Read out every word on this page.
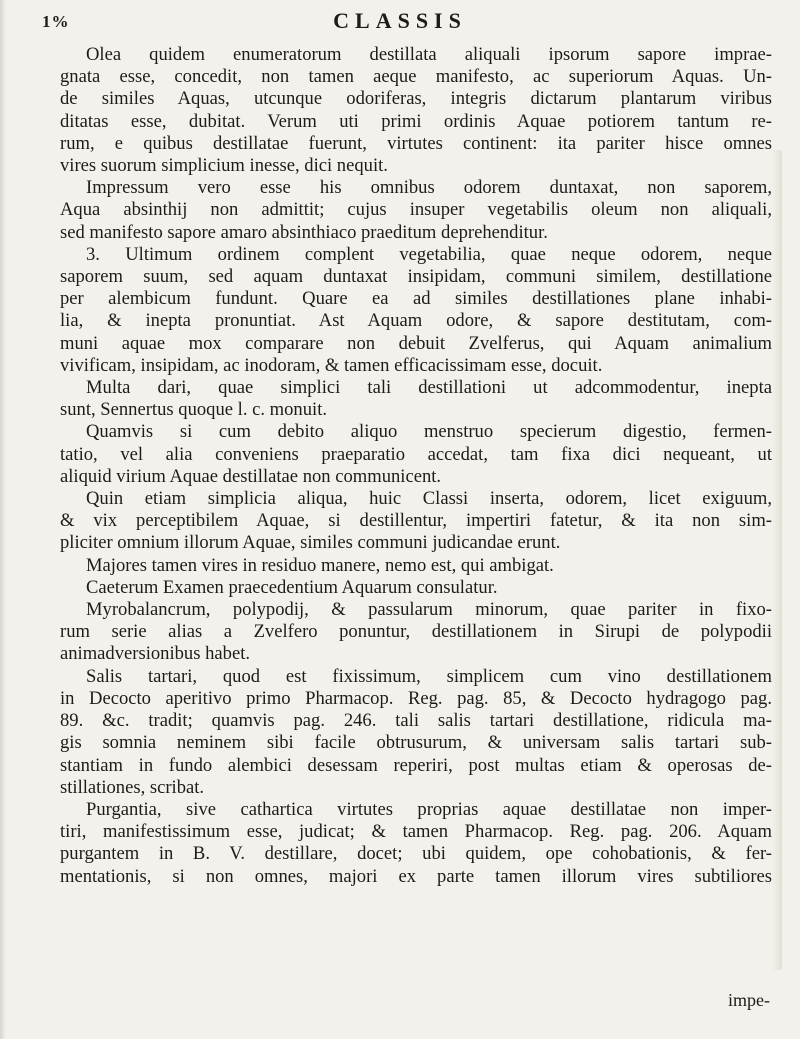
1%	CLASSIS
Olea quidem enumeratorum destillata aliquali ipsorum sapore imprae-
gnata esse, concedit, non tamen aeque manifesto, ac superiorum Aquas. Un-
de similes Aquas, utcunque odoriferas, integris dictarum plantarum viribus
ditatas esse, dubitat. Verum uti primi ordinis Aquae potiorem tantum re-
rum, e quibus destillatae fuerunt, virtutes continent: ita pariter hisce omnes
vires suorum simplicium inesse, dici nequit.
Impressum vero esse his omnibus odorem duntaxat, non saporem,
Aqua absinthij non admittit; cujus insuper vegetabilis oleum non aliquali,
sed manifesto sapore amaro absinthiaco praeditum deprehenditur.
3. Ultimum ordinem complent vegetabilia, quae neque odorem, neque
saporem suum, sed aquam duntaxat insipidam, communi similem, destillatione
per alembicum fundunt. Quare ea ad similes destillationes plane inhabi-
lia, & inepta pronuntiat. Ast Aquam odore, & sapore destitutam, com-
muni aquae mox comparare non debuit Zvelferus, qui Aquam animalium
vivificam, insipidam, ac inodoram, & tamen efficacissimam esse, docuit.
Multa dari, quae simplici tali destillationi ut adcommodentur, inepta
sunt, Sennertus quoque l. c. monuit.
Quamvis si cum debito aliquo menstruo specierum digestio, fermen-
tatio, vel alia conveniens praeparatio accedat, tam fixa dici nequeant, ut
aliquid virium Aquae destillatae non communicent.
Quin etiam simplicia aliqua, huic Classi inserta, odorem, licet exiguum,
& vix perceptibilem Aquae, si destillentur, impertiri fatetur, & ita non sim-
pliciter omnium illorum Aquae, similes communi judicandae erunt.
Majores tamen vires in residuo manere, nemo est, qui ambigat.
Caeterum Examen praecedentium Aquarum consulatur.
Myrobalancrum, polypodij, & passularum minorum, quae pariter in fixo-
rum serie alias a Zvelfero ponuntur, destillationem in Sirupi de polypodii
animadversionibus habet.
Salis tartari, quod est fixissimum, simplicem cum vino destillationem
in Decocto aperitivo primo Pharmacop. Reg. pag. 85, & Decocto hydragogo pag.
89. &c. tradit; quamvis pag. 246. tali salis tartari destillatione, ridicula ma-
gis somnia neminem sibi facile obtrusurum, & universam salis tartari sub-
stantiam in fundo alembici desessam reperiri, post multas etiam & operosas de-
stillationes, scribat.
Purgantia, sive cathartica virtutes proprias aquae destillatae non imper-
tiri, manifestissimum esse, judicat; & tamen Pharmacop. Reg. pag. 206. Aquam
purgantem in B. V. destillare, docet; ubi quidem, ope cohobationis, & fer-
mentationis, si non omnes, majori ex parte tamen illorum vires subtiliores
impe-
